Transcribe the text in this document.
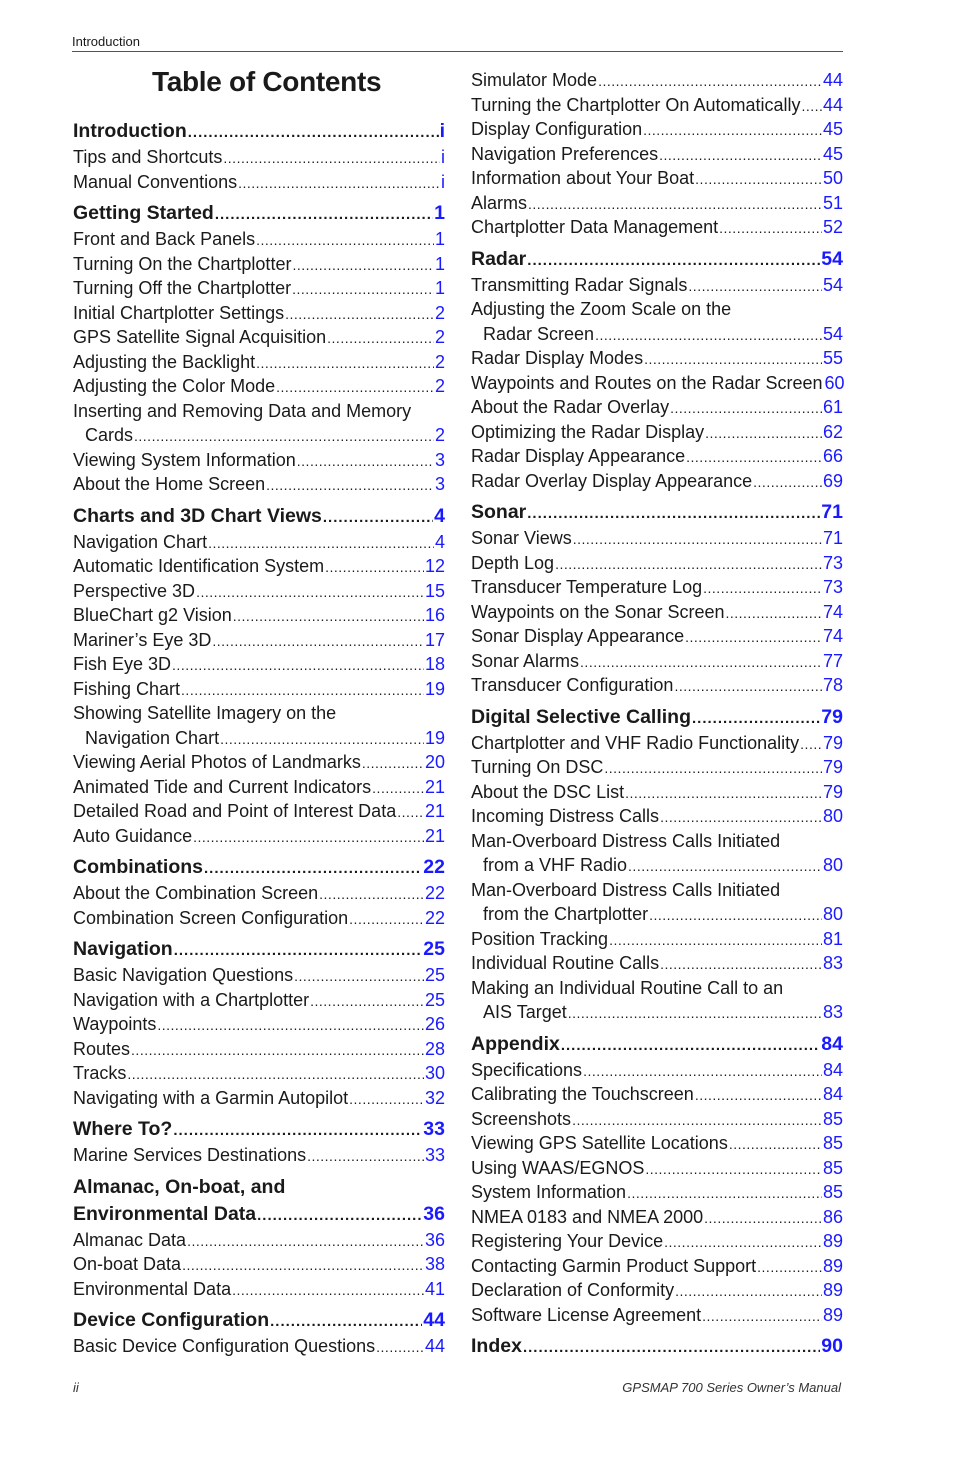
Introduction
Table of Contents
Introduction .....	i
Tips and Shortcuts .....	i
Manual Conventions .....	i
Getting Started .....	1
Front and Back Panels .....	1
Turning On the Chartplotter .....	1
Turning Off the Chartplotter .....	1
Initial Chartplotter Settings .....	2
GPS Satellite Signal Acquisition .....	2
Adjusting the Backlight .....	2
Adjusting the Color Mode .....	2
Inserting and Removing Data and Memory
Cards .....	2
Viewing System Information .....	3
About the Home Screen .....	3
Charts and 3D Chart Views .....	4
Navigation Chart .....	4
Automatic Identification System .....	12
Perspective 3D .....	15
BlueChart g2 Vision .....	16
Mariner’s Eye 3D .....	17
Fish Eye 3D .....	18
Fishing Chart .....	19
Showing Satellite Imagery on the
Navigation Chart .....	19
Viewing Aerial Photos of Landmarks .....	20
Animated Tide and Current Indicators .....	21
Detailed Road and Point of Interest Data ..... 21
Auto Guidance .....	21
Combinations .....	22
About the Combination Screen .....	22
Combination Screen Configuration .....	22
Navigation .....	25
Basic Navigation Questions .....	25
Navigation with a Chartplotter .....	25
Waypoints .....	26
Routes .....	28
Tracks .....	30
Navigating with a Garmin Autopilot .....	32
Where To? .....	33
Marine Services Destinations .....	33
Almanac, On-boat, and
Environmental Data .....	36
Almanac Data .....	36
On-boat Data .....	38
Environmental Data .....	41
Device Configuration .....	44
Basic Device Configuration Questions .....	44
Simulator Mode .....	44
Turning the Chartplotter On Automatically ..... 44
Display Configuration .....	45
Navigation Preferences .....	45
Information about Your Boat .....	50
Alarms .....	51
Chartplotter Data Management .....	52
Radar .....	54
Transmitting Radar Signals .....	54
Adjusting the Zoom Scale on the
Radar Screen .....	54
Radar Display Modes .....	55
Waypoints and Routes on the Radar Screen 60
About the Radar Overlay .....	61
Optimizing the Radar Display .....	62
Radar Display Appearance .....	66
Radar Overlay Display Appearance .....	69
Sonar .....	71
Sonar Views .....	71
Depth Log .....	73
Transducer Temperature Log .....	73
Waypoints on the Sonar Screen .....	74
Sonar Display Appearance .....	74
Sonar Alarms .....	77
Transducer Configuration .....	78
Digital Selective Calling .....	79
Chartplotter and VHF Radio Functionality ..... 79
Turning On DSC .....	79
About the DSC List .....	79
Incoming Distress Calls .....	80
Man-Overboard Distress Calls Initiated
from a VHF Radio .....	80
Man-Overboard Distress Calls Initiated
from the Chartplotter .....	80
Position Tracking .....	81
Individual Routine Calls .....	83
Making an Individual Routine Call to an
AIS Target .....	83
Appendix .....	84
Specifications .....	84
Calibrating the Touchscreen .....	84
Screenshots .....	85
Viewing GPS Satellite Locations .....	85
Using WAAS/EGNOS .....	85
System Information .....	85
NMEA 0183 and NMEA 2000 .....	86
Registering Your Device .....	89
Contacting Garmin Product Support .....	89
Declaration of Conformity .....	89
Software License Agreement .....	89
Index .....	90
ii	GPSMAP 700 Series Owner’s Manual
